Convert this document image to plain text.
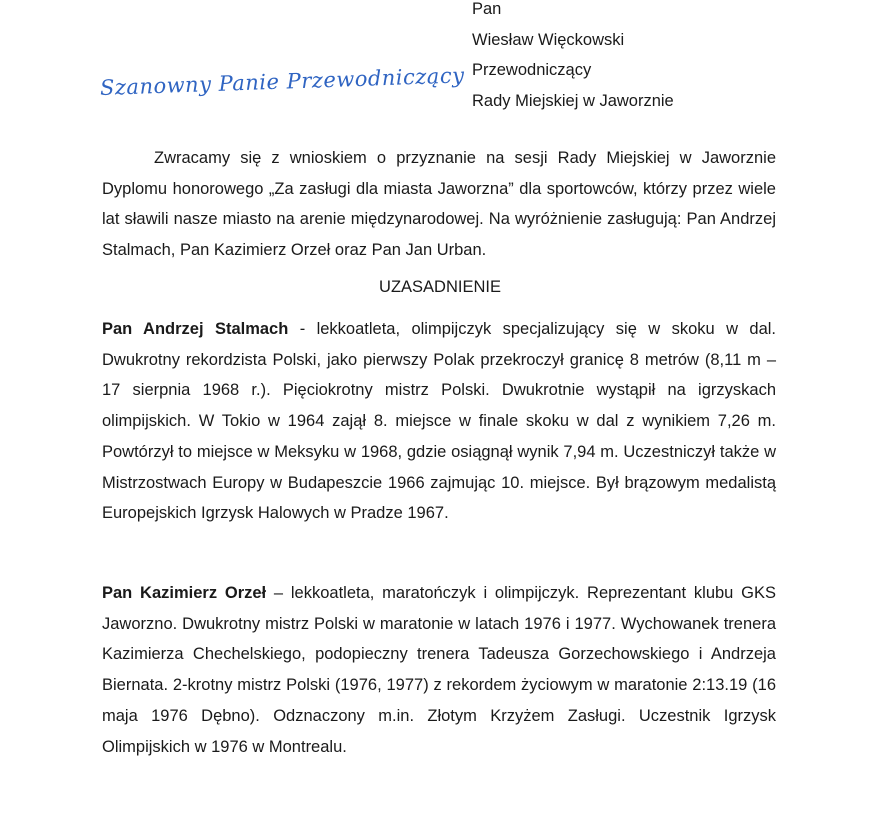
Pan
Wiesław Więckowski
Przewodniczący
Rady Miejskiej w Jaworznie
Szanowny Panie Przewodniczący

Zwracamy się z wnioskiem o przyznanie na sesji Rady Miejskiej w Jaworznie Dyplomu honorowego „Za zasługi dla miasta Jaworzna” dla sportowców, którzy przez wiele lat sławili nasze miasto na arenie międzynarodowej. Na wyróżnienie zasługują: Pan Andrzej Stalmach, Pan Kazimierz Orzeł oraz Pan Jan Urban.

UZASADNIENIE

Pan Andrzej Stalmach - lekkoatleta, olimpijczyk specjalizujący się w skoku w dal. Dwukrotny rekordzista Polski, jako pierwszy Polak przekroczył granicę 8 metrów (8,11 m – 17 sierpnia 1968 r.). Pięciokrotny mistrz Polski. Dwukrotnie wystąpił na igrzyskach olimpijskich. W Tokio w 1964 zajął 8. miejsce w finale skoku w dal z wynikiem 7,26 m. Powtórzył to miejsce w Meksyku w 1968, gdzie osiągnął wynik 7,94 m. Uczestniczył także w Mistrzostwach Europy w Budapeszcie 1966 zajmując 10. miejsce. Był brązowym medalistą Europejskich Igrzysk Halowych w Pradze 1967.

Pan Kazimierz Orzeł – lekkoatleta, maratończyk i olimpijczyk. Reprezentant klubu GKS Jaworzno. Dwukrotny mistrz Polski w maratonie w latach 1976 i 1977. Wychowanek trenera Kazimierza Chechelskiego, podopieczny trenera Tadeusza Gorzechowskiego i Andrzeja Biernata. 2-krotny mistrz Polski (1976, 1977) z rekordem życiowym w maratonie 2:13.19 (16 maja 1976 Dębno). Odznaczony m.in. Złotym Krzyżem Zasługi. Uczestnik Igrzysk Olimpijskich w 1976 w Montrealu.
